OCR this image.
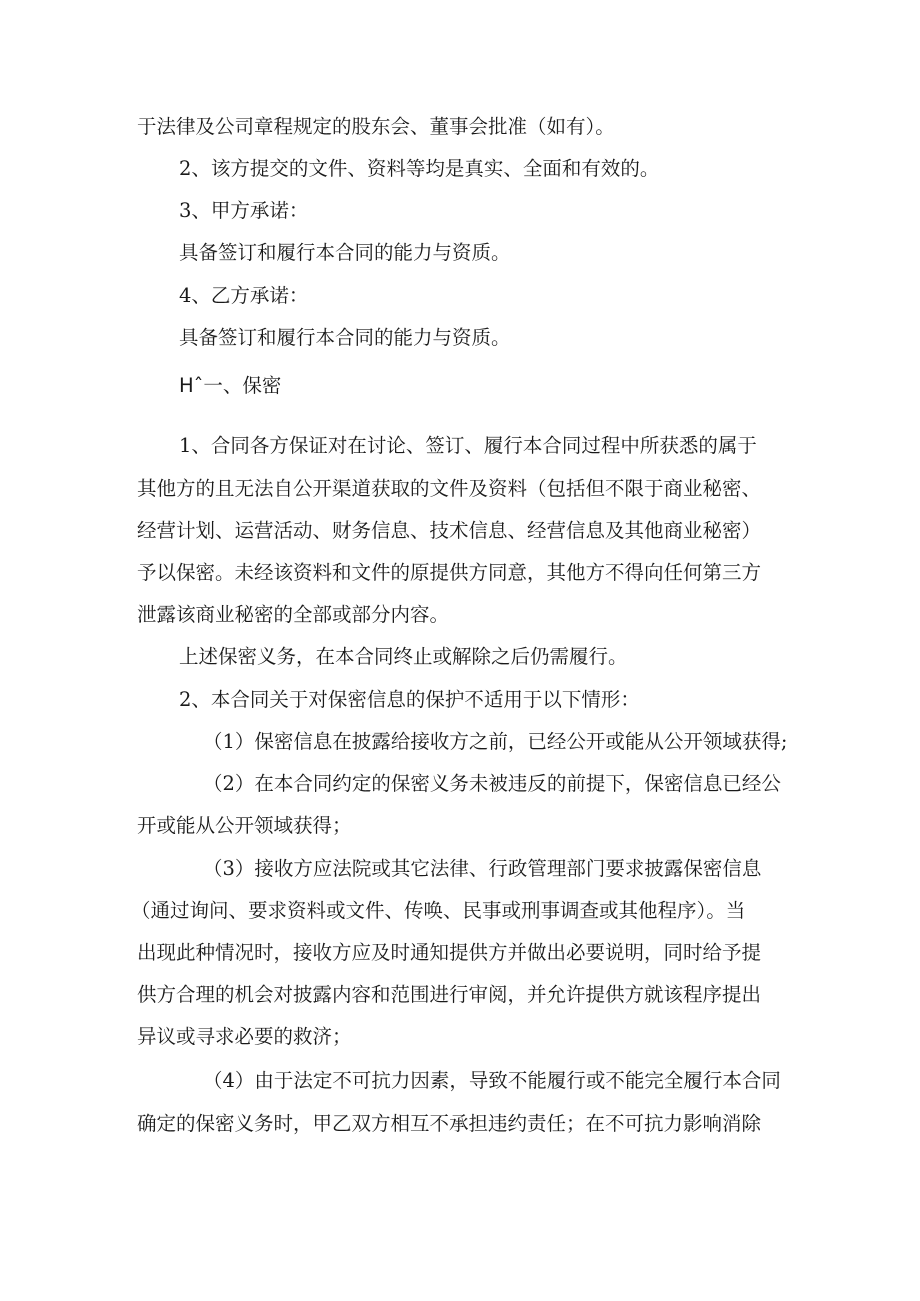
于法律及公司章程规定的股东会、董事会批准（如有）。
2、该方提交的文件、资料等均是真实、全面和有效的。
3、甲方承诺：
具备签订和履行本合同的能力与资质。
4、乙方承诺：
具备签订和履行本合同的能力与资质。
Hˆ一、保密
1、合同各方保证对在讨论、签订、履行本合同过程中所获悉的属于
其他方的且无法自公开渠道获取的文件及资料（包括但不限于商业秘密、
经营计划、运营活动、财务信息、技术信息、经营信息及其他商业秘密）
予以保密。未经该资料和文件的原提供方同意，其他方不得向任何第三方
泄露该商业秘密的全部或部分内容。
上述保密义务，在本合同终止或解除之后仍需履行。
2、本合同关于对保密信息的保护不适用于以下情形：
（1）保密信息在披露给接收方之前，已经公开或能从公开领域获得;
（2）在本合同约定的保密义务未被违反的前提下，保密信息已经公
开或能从公开领域获得；
（3）接收方应法院或其它法律、行政管理部门要求披露保密信息
（通过询问、要求资料或文件、传唤、民事或刑事调查或其他程序）。当
出现此种情况时，接收方应及时通知提供方并做出必要说明，同时给予提
供方合理的机会对披露内容和范围进行审阅，并允许提供方就该程序提出
异议或寻求必要的救济；
（4）由于法定不可抗力因素，导致不能履行或不能完全履行本合同
确定的保密义务时，甲乙双方相互不承担违约责任；在不可抗力影响消除
